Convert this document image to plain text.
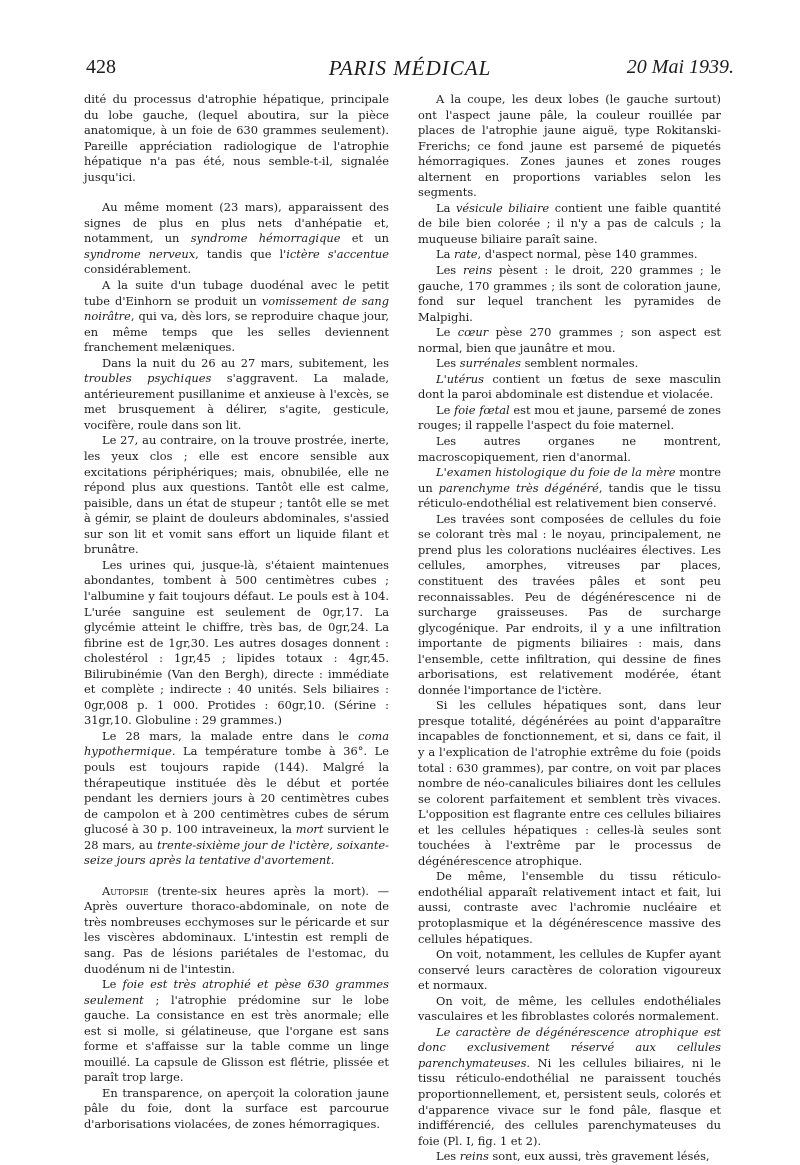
428	PARIS MÉDICAL	20 Mai 1939.

dité du processus d'atrophie hépatique, principale du lobe gauche, (lequel aboutira, sur la pièce anatomique, à un foie de 630 grammes seulement). Pareille appréciation radiologique de l'atrophie hépatique n'a pas été, nous semble-t-il, signalée jusqu'ici.

Au même moment (23 mars), apparaissent des signes de plus en plus nets d'anhépatie et, notamment, un syndrome hémorragique et un syndrome nerveux, tandis que l'ictère s'accentue considérablement.

A la suite d'un tubage duodénal avec le petit tube d'Einhorn se produit un vomissement de sang noirâtre, qui va, dès lors, se reproduire chaque jour, en même temps que les selles deviennent franchement melæniques.

Dans la nuit du 26 au 27 mars, subitement, les troubles psychiques s'aggravent. La malade, antérieurement pusillanime et anxieuse à l'excès, se met brusquement à délirer, s'agite, gesticule, vocifère, roule dans son lit.

Le 27, au contraire, on la trouve prostrée, inerte, les yeux clos ; elle est encore sensible aux excitations périphériques; mais, obnubilée, elle ne répond plus aux questions. Tantôt elle est calme, paisible, dans un état de stupeur ; tantôt elle se met à gémir, se plaint de douleurs abdominales, s'assied sur son lit et vomit sans effort un liquide filant et brunâtre.

Les urines qui, jusque-là, s'étaient maintenues abondantes, tombent à 500 centimètres cubes ; l'albumine y fait toujours défaut. Le pouls est à 104. L'urée sanguine est seulement de 0gr,17. La glycémie atteint le chiffre, très bas, de 0gr,24. La fibrine est de 1gr,30. Les autres dosages donnent : cholestérol : 1gr,45 ; lipides totaux : 4gr,45. Bilirubinémie (Van den Bergh), directe : immédiate et complète ; indirecte : 40 unités. Sels biliaires : 0gr,008 p. 1 000. Protides : 60gr,10. (Sérine : 31gr,10. Globuline : 29 grammes.)

Le 28 mars, la malade entre dans le coma hypothermique. La température tombe à 36°. Le pouls est toujours rapide (144). Malgré la thérapeutique instituée dès le début et portée pendant les derniers jours à 20 centimètres cubes de campolon et à 200 centimètres cubes de sérum glucosé à 30 p. 100 intraveineux, la mort survient le 28 mars, au trente-sixième jour de l'ictère, soixante-seize jours après la tentative d'avortement.

Autopsie (trente-six heures après la mort). — Après ouverture thoraco-abdominale, on note de très nombreuses ecchymoses sur le péricarde et sur les viscères abdominaux. L'intestin est rempli de sang. Pas de lésions pariétales de l'estomac, du duodénum ni de l'intestin.

Le foie est très atrophié et pèse 630 grammes seulement ; l'atrophie prédomine sur le lobe gauche. La consistance en est très anormale; elle est si molle, si gélatineuse, que l'organe est sans forme et s'affaisse sur la table comme un linge mouillé. La capsule de Glisson est flétrie, plissée et paraît trop large.

En transparence, on aperçoit la coloration jaune pâle du foie, dont la surface est parcourue d'arborisations violacées, de zones hémorragiques.

A la coupe, les deux lobes (le gauche surtout) ont l'aspect jaune pâle, la couleur rouillée par places de l'atrophie jaune aiguë, type Rokitanski-Frerichs; ce fond jaune est parsemé de piquetés hémorragiques. Zones jaunes et zones rouges alternent en proportions variables selon les segments.

La vésicule biliaire contient une faible quantité de bile bien colorée ; il n'y a pas de calculs ; la muqueuse biliaire paraît saine.

La rate, d'aspect normal, pèse 140 grammes.

Les reins pèsent : le droit, 220 grammes ; le gauche, 170 grammes ; ils sont de coloration jaune, fond sur lequel tranchent les pyramides de Malpighi.

Le cœur pèse 270 grammes ; son aspect est normal, bien que jaunâtre et mou.

Les surrénales semblent normales.

L'utérus contient un fœtus de sexe masculin dont la paroi abdominale est distendue et violacée.

Le foie fœtal est mou et jaune, parsemé de zones rouges; il rappelle l'aspect du foie maternel.

Les autres organes ne montrent, macroscopiquement, rien d'anormal.

L'examen histologique du foie de la mère montre un parenchyme très dégénéré, tandis que le tissu réticulo-endothélial est relativement bien conservé.

Les travées sont composées de cellules du foie se colorant très mal : le noyau, principalement, ne prend plus les colorations nucléaires électives. Les cellules, amorphes, vitreuses par places, constituent des travées pâles et sont peu reconnaissables. Peu de dégénérescence ni de surcharge graisseuses. Pas de surcharge glycogénique. Par endroits, il y a une infiltration importante de pigments biliaires : mais, dans l'ensemble, cette infiltration, qui dessine de fines arborisations, est relativement modérée, étant donnée l'importance de l'ictère.

Si les cellules hépatiques sont, dans leur presque totalité, dégénérées au point d'apparaître incapables de fonctionnement, et si, dans ce fait, il y a l'explication de l'atrophie extrême du foie (poids total : 630 grammes), par contre, on voit par places nombre de néo-canalicules biliaires dont les cellules se colorent parfaitement et semblent très vivaces. L'opposition est flagrante entre ces cellules biliaires et les cellules hépatiques : celles-là seules sont touchées à l'extrême par le processus de dégénérescence atrophique.

De même, l'ensemble du tissu réticulo-endothélial apparaît relativement intact et fait, lui aussi, contraste avec l'achromie nucléaire et protoplasmique et la dégénérescence massive des cellules hépatiques.

On voit, notamment, les cellules de Kupfer ayant conservé leurs caractères de coloration vigoureux et normaux.

On voit, de même, les cellules endothéliales vasculaires et les fibroblastes colorés normalement.

Le caractère de dégénérescence atrophique est donc exclusivement réservé aux cellules parenchymateuses. Ni les cellules biliaires, ni le tissu réticulo-endothélial ne paraissent touchés proportionnellement, et, persistent seuls, colorés et d'apparence vivace sur le fond pâle, flasque et indifférencié, des cellules parenchymateuses du foie (Pl. I, fig. 1 et 2).

Les reins sont, eux aussi, très gravement lésés,
